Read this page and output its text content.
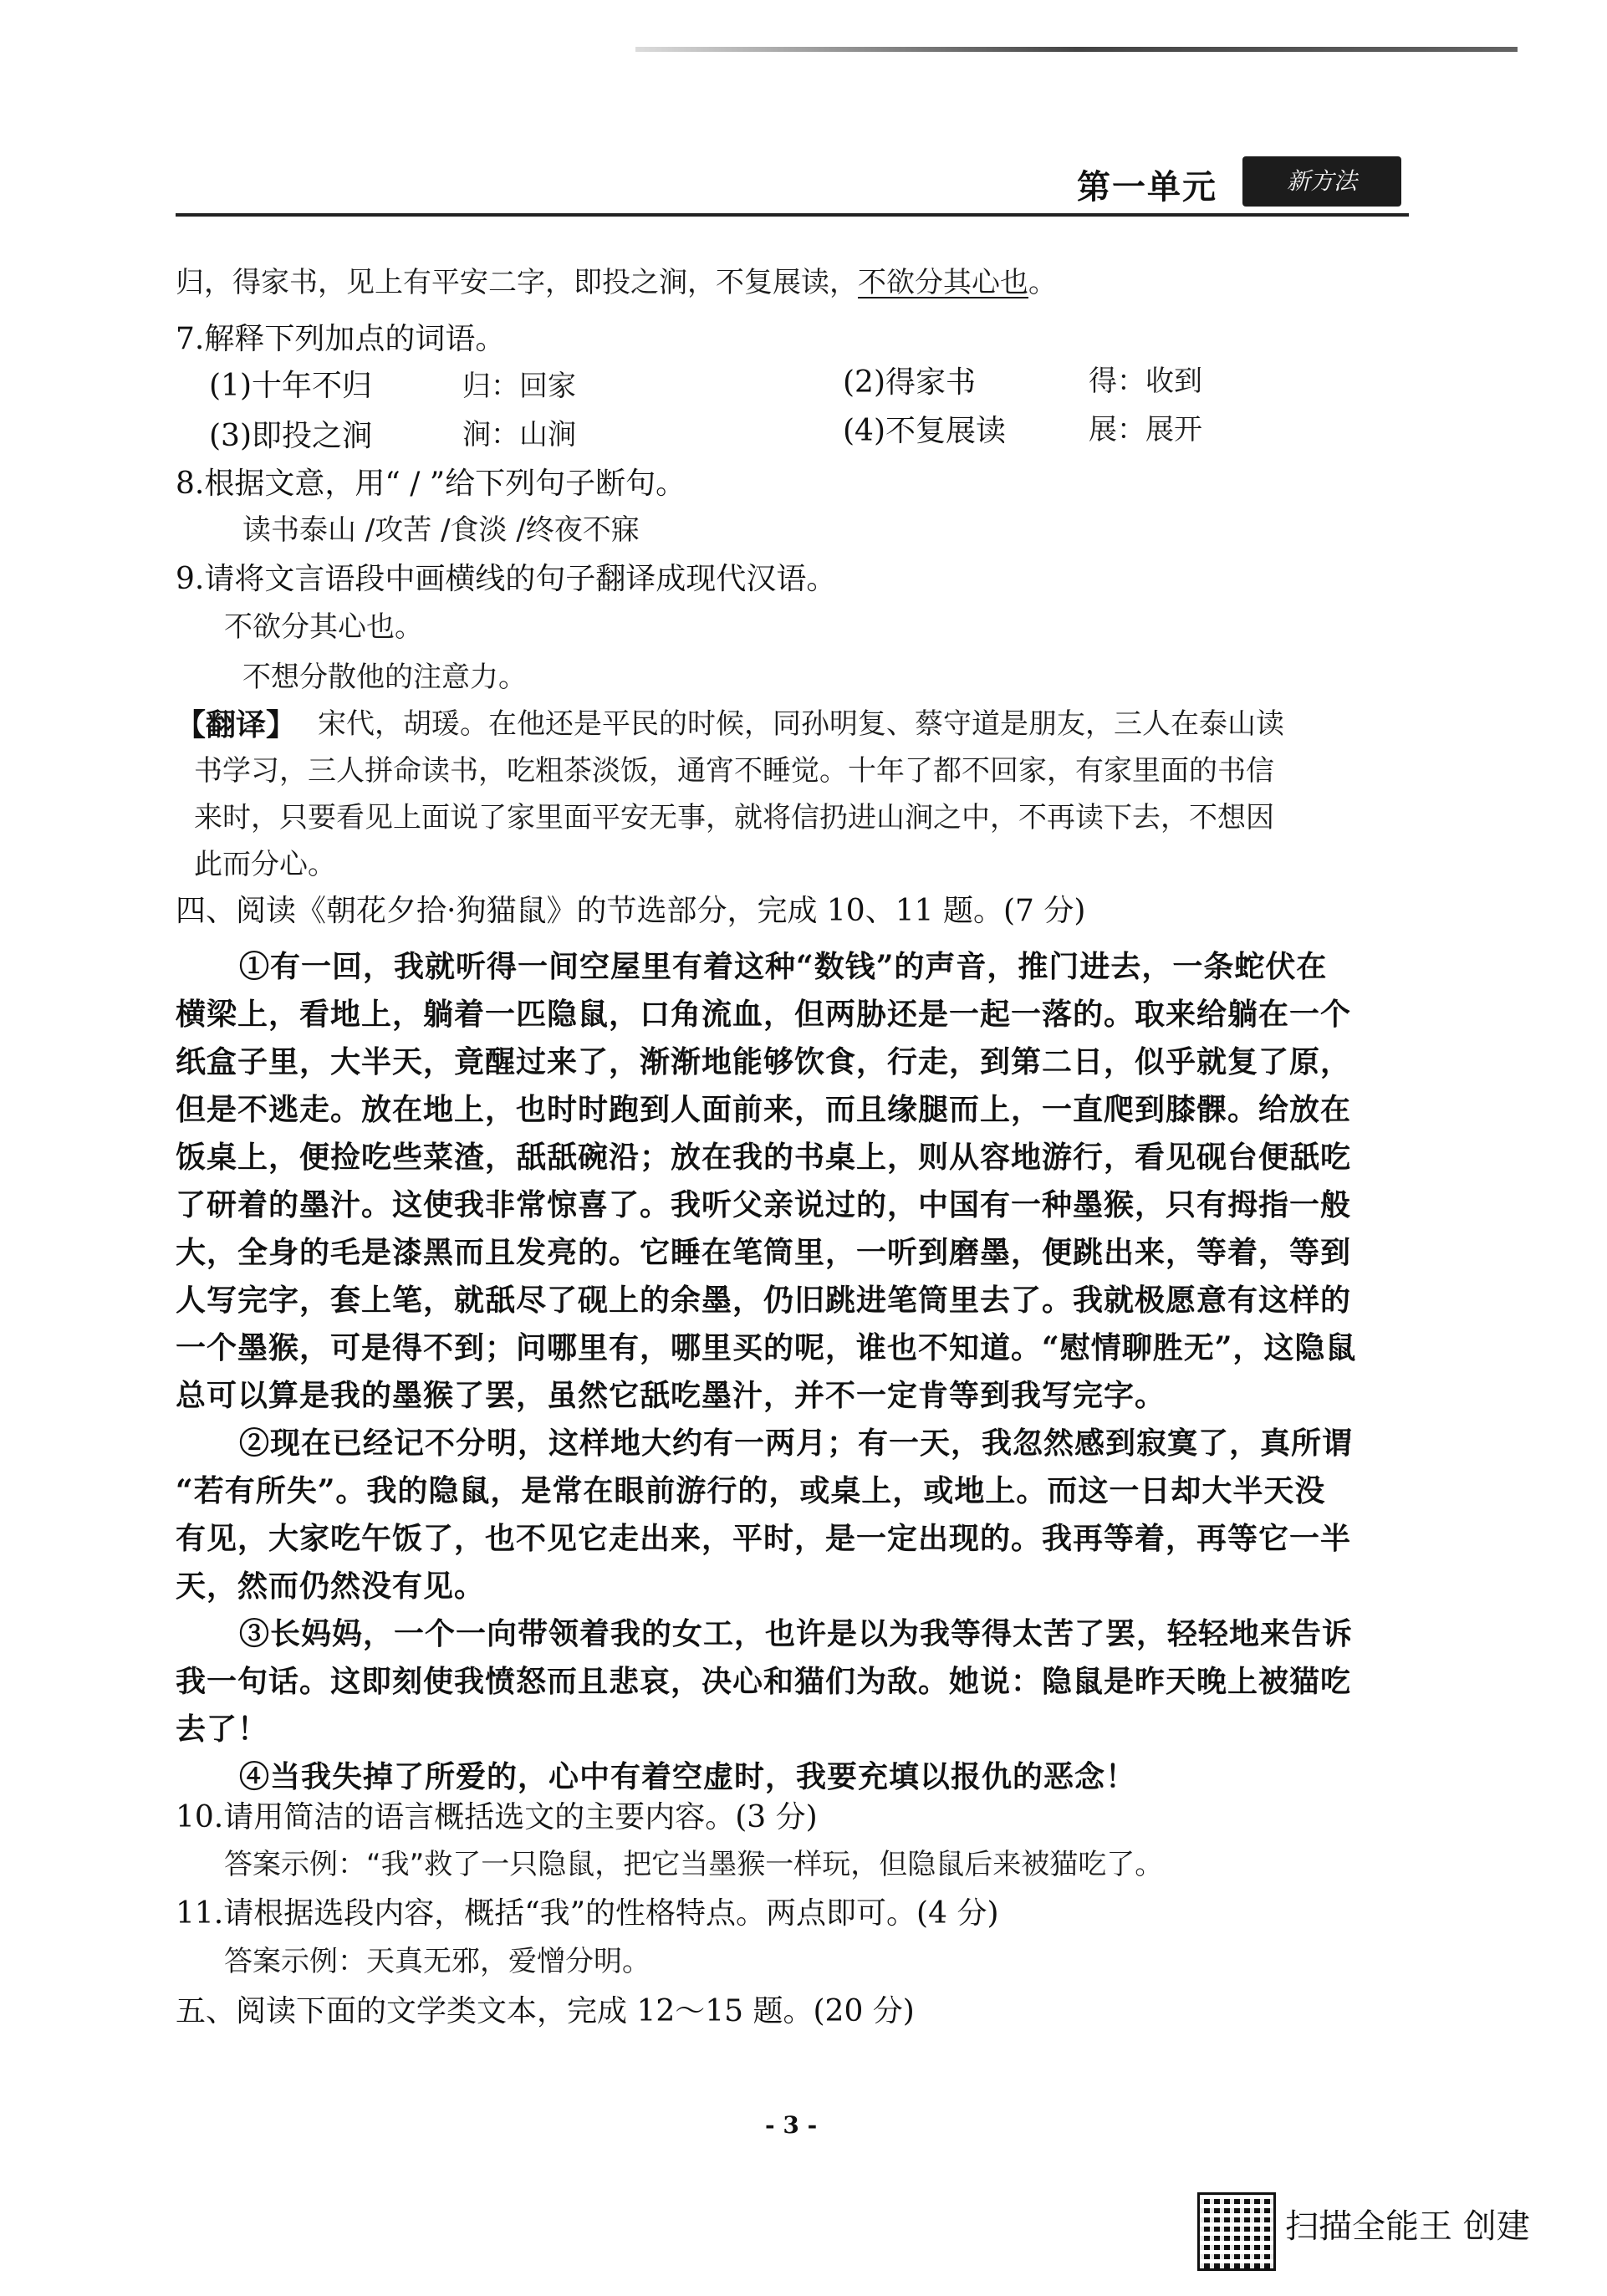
第一单元	新方法
归，得家书，见上有平安二字，即投之涧，不复展读，不欲分其心也。
7.解释下列加点的词语。
(1)十年不归	归：回家	(2)得家书	得：收到
(3)即投之涧	涧：山涧	(4)不复展读	展：展开
8.根据文意，用“ / ”给下列句子断句。
读书泰山 /攻苦 /食淡 /终夜不寐
9.请将文言语段中画横线的句子翻译成现代汉语。
不欲分其心也。
不想分散他的注意力。
【翻译】 宋代，胡瑗。在他还是平民的时候，同孙明复、蔡守道是朋友，三人在泰山读
书学习，三人拼命读书，吃粗茶淡饭，通宵不睡觉。十年了都不回家，有家里面的书信
来时，只要看见上面说了家里面平安无事，就将信扔进山涧之中，不再读下去，不想因
此而分心。
四、阅读《朝花夕拾·狗猫鼠》的节选部分，完成 10、11 题。(7 分)
①有一回，我就听得一间空屋里有着这种“数钱”的声音，推门进去，一条蛇伏在
横梁上，看地上，躺着一匹隐鼠，口角流血，但两胁还是一起一落的。取来给躺在一个
纸盒子里，大半天，竟醒过来了，渐渐地能够饮食，行走，到第二日，似乎就复了原，
但是不逃走。放在地上，也时时跑到人面前来，而且缘腿而上，一直爬到膝髁。给放在
饭桌上，便捡吃些菜渣，舐舐碗沿；放在我的书桌上，则从容地游行，看见砚台便舐吃
了研着的墨汁。这使我非常惊喜了。我听父亲说过的，中国有一种墨猴，只有拇指一般
大，全身的毛是漆黑而且发亮的。它睡在笔筒里，一听到磨墨，便跳出来，等着，等到
人写完字，套上笔，就舐尽了砚上的余墨，仍旧跳进笔筒里去了。我就极愿意有这样的
一个墨猴，可是得不到；问哪里有，哪里买的呢，谁也不知道。“慰情聊胜无”，这隐鼠
总可以算是我的墨猴了罢，虽然它舐吃墨汁，并不一定肯等到我写完字。
②现在已经记不分明，这样地大约有一两月；有一天，我忽然感到寂寞了，真所谓
“若有所失”。我的隐鼠，是常在眼前游行的，或桌上，或地上。而这一日却大半天没
有见，大家吃午饭了，也不见它走出来，平时，是一定出现的。我再等着，再等它一半
天，然而仍然没有见。
③长妈妈，一个一向带领着我的女工，也许是以为我等得太苦了罢，轻轻地来告诉
我一句话。这即刻使我愤怒而且悲哀，决心和猫们为敌。她说：隐鼠是昨天晚上被猫吃
去了！
④当我失掉了所爱的，心中有着空虚时，我要充填以报仇的恶念！
10.请用简洁的语言概括选文的主要内容。(3 分)
答案示例：“我”救了一只隐鼠，把它当墨猴一样玩，但隐鼠后来被猫吃了。
11.请根据选段内容，概括“我”的性格特点。两点即可。(4 分)
答案示例：天真无邪，爱憎分明。
五、阅读下面的文学类文本，完成 12～15 题。(20 分)
- 3 -
扫描全能王 创建
